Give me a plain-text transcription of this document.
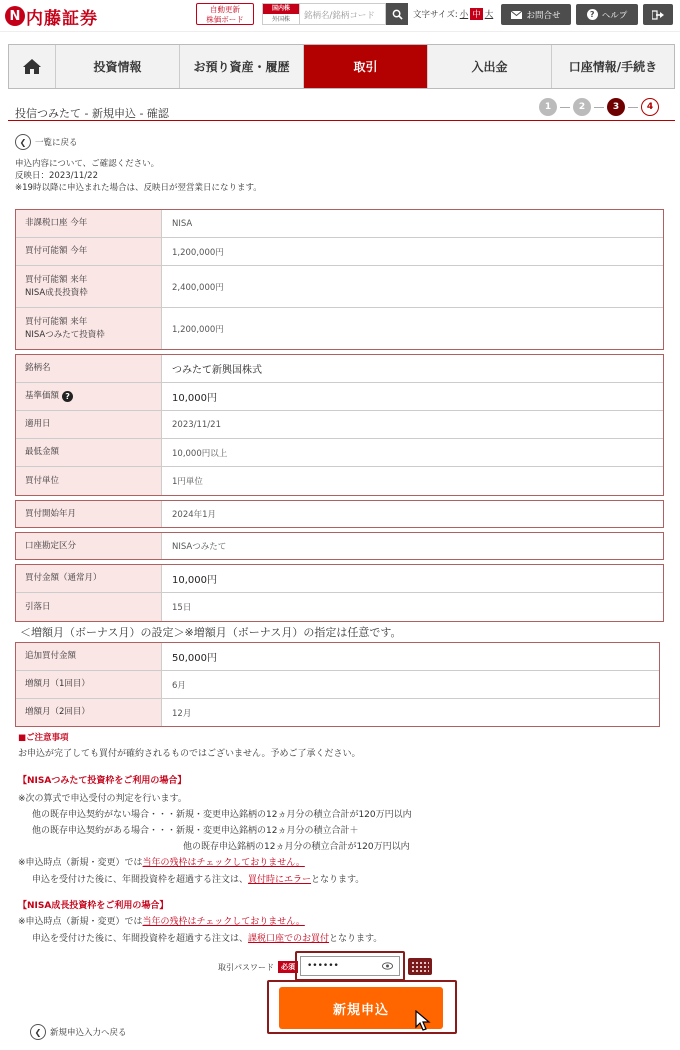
N 内藤証券	自動更新
株価ボード
国内株
外国株	銘柄名/銘柄コード	文字サイズ: 小 中 大	お問合せ	? ヘルプ
投資情報	お預り資産・履歴	取引	入出金	口座情報/手続き
投信つみたて - 新規申込 - 確認	1	2	3	4
❮	一覧に戻る
申込内容について、ご確認ください。
反映日：2023/11/22
※19時以降に申込まれた場合は、反映日が翌営業日になります。
非課税口座 今年	NISA
買付可能額 今年	1,200,000円
買付可能額 来年
NISA成長投資枠	2,400,000円
買付可能額 来年
NISAつみたて投資枠	1,200,000円
銘柄名	つみたて新興国株式
基準価額 ?	10,000円
適用日	2023/11/21
最低金額	10,000円以上
買付単位	1円単位
買付開始年月	2024年1月
口座勘定区分	NISAつみたて
買付金額（通常月）	10,000円
引落日	15日
＜増額月（ボーナス月）の設定＞※増額月（ボーナス月）の指定は任意です。
追加買付金額	50,000円
増額月（1回目）	6月
増額月（2回目）	12月
■ご注意事項
お申込が完了しても買付が確約されるものではございません。予めご了承ください。
【NISAつみたて投資枠をご利用の場合】
※次の算式で申込受付の判定を行います。
他の既存申込契約がない場合・・・新規・変更申込銘柄の12ヵ月分の積立合計が120万円以内
他の既存申込契約がある場合・・・新規・変更申込銘柄の12ヵ月分の積立合計＋
他の既存申込銘柄の12ヵ月分の積立合計が120万円以内
※申込時点（新規・変更）では当年の残枠はチェックしておりません。
申込を受付けた後に、年間投資枠を超過する注文は、買付時にエラーとなります。
【NISA成長投資枠をご利用の場合】
※申込時点（新規・変更）では当年の残枠はチェックしておりません。
申込を受付けた後に、年間投資枠を超過する注文は、課税口座でのお買付となります。
取引パスワード	必須	••••••
新規申込
❮	新規申込入力へ戻る
